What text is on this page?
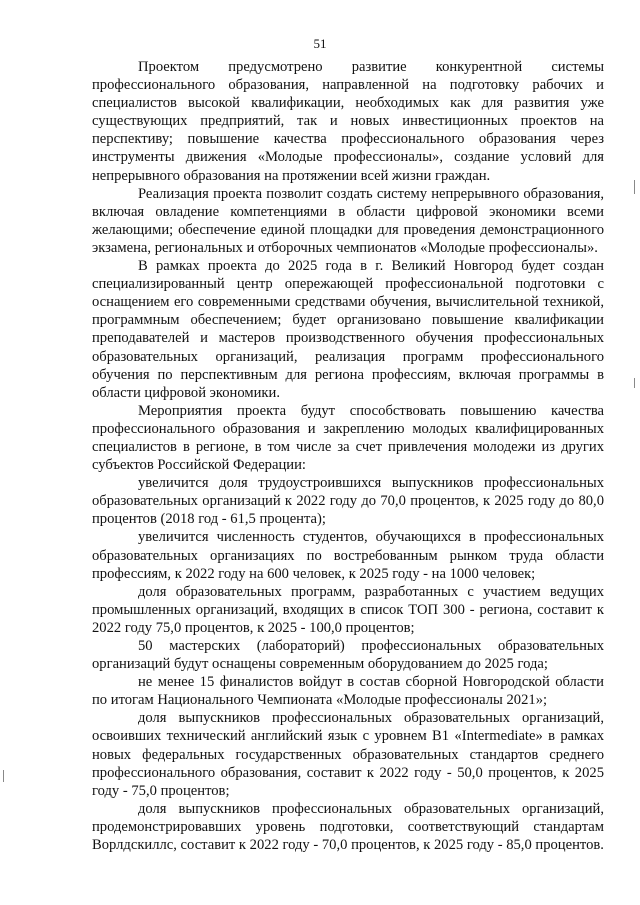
51

Проектом предусмотрено развитие конкурентной системы профессионального образования, направленной на подготовку рабочих и специалистов высокой квалификации, необходимых как для развития уже существующих предприятий, так и новых инвестиционных проектов на перспективу; повышение качества профессионального образования через инструменты движения «Молодые профессионалы», создание условий для непрерывного образования на протяжении всей жизни граждан.

Реализация проекта позволит создать систему непрерывного образования, включая овладение компетенциями в области цифровой экономики всеми желающими; обеспечение единой площадки для проведения демонстрационного экзамена, региональных и отборочных чемпионатов «Молодые профессионалы».

В рамках проекта до 2025 года в г. Великий Новгород будет создан специализированный центр опережающей профессиональной подготовки с оснащением его современными средствами обучения, вычислительной техникой, программным обеспечением; будет организовано повышение квалификации преподавателей и мастеров производственного обучения профессиональных образовательных организаций, реализация программ профессионального обучения по перспективным для региона профессиям, включая программы в области цифровой экономики.

Мероприятия проекта будут способствовать повышению качества профессионального образования и закреплению молодых квалифицированных специалистов в регионе, в том числе за счет привлечения молодежи из других субъектов Российской Федерации:

увеличится доля трудоустроившихся выпускников профессиональных образовательных организаций к 2022 году до 70,0 процентов, к 2025 году до 80,0 процентов (2018 год - 61,5 процента);

увеличится численность студентов, обучающихся в профессиональных образовательных организациях по востребованным рынком труда области профессиям, к 2022 году на 600 человек, к 2025 году - на 1000 человек;

доля образовательных программ, разработанных с участием ведущих промышленных организаций, входящих в список ТОП 300 - региона, составит к 2022 году 75,0 процентов, к 2025 - 100,0 процентов;

50 мастерских (лабораторий) профессиональных образовательных организаций будут оснащены современным оборудованием до 2025 года;

не менее 15 финалистов войдут в состав сборной Новгородской области по итогам Национального Чемпионата «Молодые профессионалы 2021»;

доля выпускников профессиональных образовательных организаций, освоивших технический английский язык с уровнем B1 «Intermediate» в рамках новых федеральных государственных образовательных стандартов среднего профессионального образования, составит к 2022 году - 50,0 процентов, к 2025 году - 75,0 процентов;

доля выпускников профессиональных образовательных организаций, продемонстрировавших уровень подготовки, соответствующий стандартам Ворлдскиллс, составит к 2022 году - 70,0 процентов, к 2025 году - 85,0 процентов.
